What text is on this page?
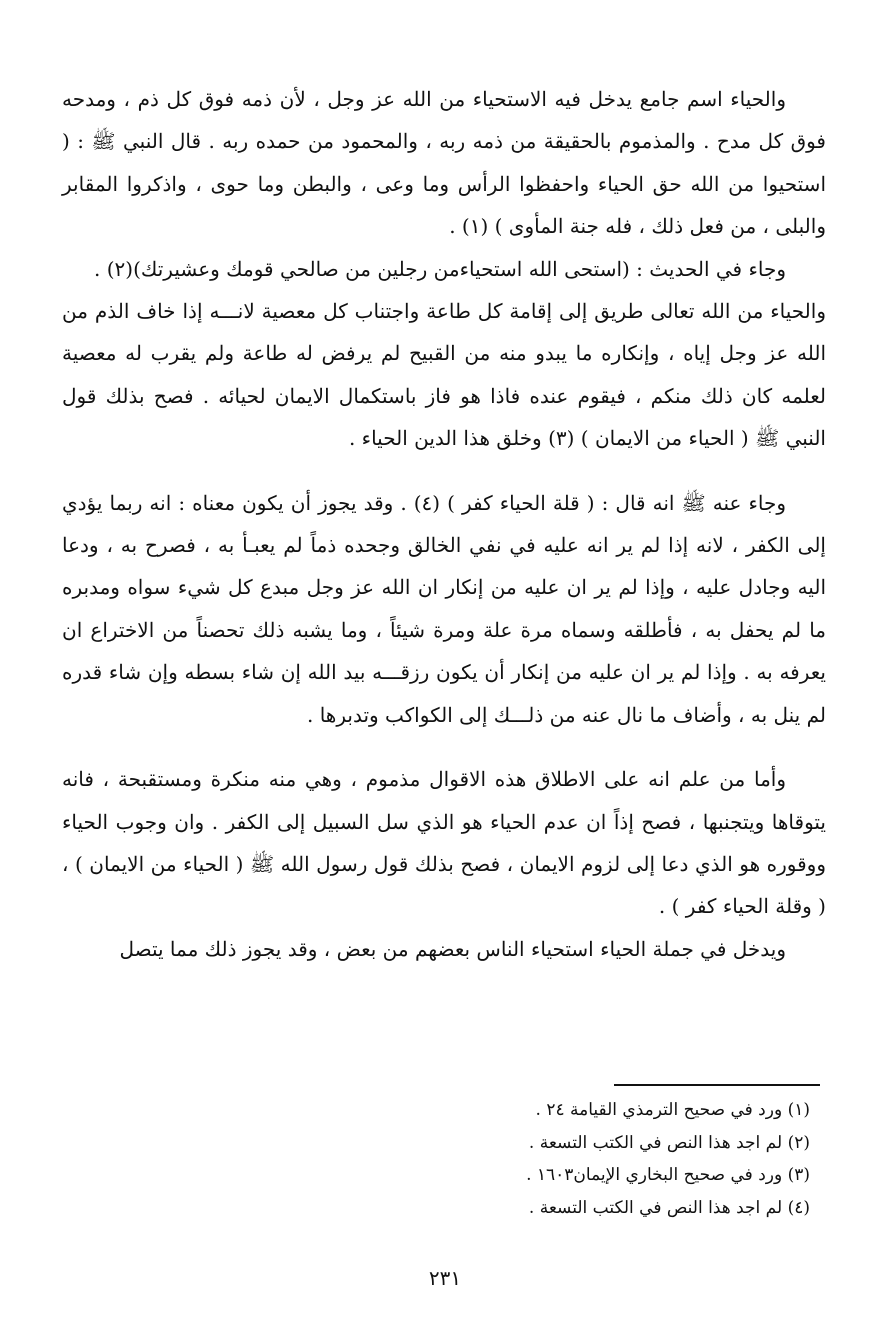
والحياء اسم جامع يدخل فيه الاستحياء من الله عز وجل ، لأن ذمه فوق كل ذم ، ومدحه فوق كل مدح . والمذموم بالحقيقة من ذمه ربه ، والمحمود من حمده ربه . قال النبي ﷺ : ( استحيوا من الله حق الحياء واحفظوا الرأس وما وعى ، والبطن وما حوى ، واذكروا المقابر والبلى ، من فعل ذلك ، فله جنة المأوى ) (١) .

وجاء في الحديث : (استحى الله استحياءمن رجلين من صالحي قومك وعشيرتك)(٢) .

والحياء من الله تعالى طريق إلى إقامة كل طاعة واجتناب كل معصية لانـــه إذا خاف الذم من الله عز وجل إياه ، وإنكاره ما يبدو منه من القبيح لم يرفض له طاعة ولم يقرب له معصية لعلمه كان ذلك منكم ، فيقوم عنده فاذا هو فاز باستكمال الايمان لحيائه . فصح بذلك قول النبي ﷺ ( الحياء من الايمان ) (٣) وخلق هذا الدين الحياء .

وجاء عنه ﷺ انه قال : ( قلة الحياء كفر ) (٤) . وقد يجوز أن يكون معناه : انه ربما يؤدي إلى الكفر ، لانه إذا لم ير انه عليه في نفي الخالق وجحده ذماً لم يعبـأ به ، فصرح به ، ودعا اليه وجادل عليه ، وإذا لم ير ان عليه من إنكار ان الله عز وجل مبدع كل شيء سواه ومدبره ما لم يحفل به ، فأطلقه وسماه مرة علة ومرة شيئاً ، وما يشبه ذلك تحصناً من الاختراع ان يعرفه به . وإذا لم ير ان عليه من إنكار أن يكون رزقـــه بيد الله إن شاء بسطه وإن شاء قدره لم ينل به ، وأضاف ما نال عنه من ذلـــك إلى الكواكب وتدبرها .

وأما من علم انه على الاطلاق هذه الاقوال مذموم ، وهي منه منكرة ومستقبحة ، فانه يتوقاها ويتجنبها ، فصح إذاً ان عدم الحياء هو الذي سل السبيل إلى الكفر . وان وجوب الحياء ووقوره هو الذي دعا إلى لزوم الايمان ، فصح بذلك قول رسول الله ﷺ ( الحياء من الايمان ) ،( وقلة الحياء كفر ) .

ويدخل في جملة الحياء استحياء الناس بعضهم من بعض ، وقد يجوز ذلك مما يتصل

(١) ورد في صحيح الترمذي القيامة ٢٤ .

(٢) لم اجد هذا النص في الكتب التسعة .

(٣) ورد في صحيح البخاري الإيمان١٦٠٣ .

(٤) لم اجد هذا النص في الكتب التسعة .

٢٣١
